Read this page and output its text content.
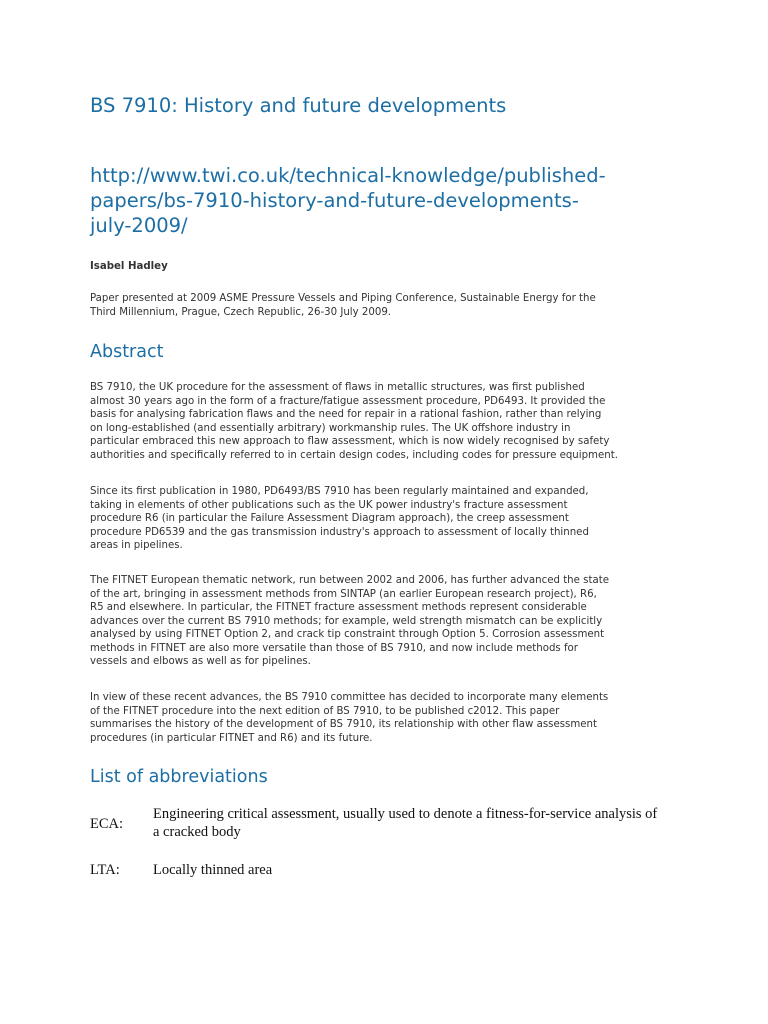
BS 7910: History and future developments
http://www.twi.co.uk/technical-knowledge/published-
papers/bs-7910-history-and-future-developments-
july-2009/

Isabel Hadley

Paper presented at 2009 ASME Pressure Vessels and Piping Conference, Sustainable Energy for the
Third Millennium, Prague, Czech Republic, 26-30 July 2009.

Abstract

BS 7910, the UK procedure for the assessment of flaws in metallic structures, was first published
almost 30 years ago in the form of a fracture/fatigue assessment procedure, PD6493. It provided the
basis for analysing fabrication flaws and the need for repair in a rational fashion, rather than relying
on long-established (and essentially arbitrary) workmanship rules. The UK offshore industry in
particular embraced this new approach to flaw assessment, which is now widely recognised by safety
authorities and specifically referred to in certain design codes, including codes for pressure equipment.

Since its first publication in 1980, PD6493/BS 7910 has been regularly maintained and expanded,
taking in elements of other publications such as the UK power industry's fracture assessment
procedure R6 (in particular the Failure Assessment Diagram approach), the creep assessment
procedure PD6539 and the gas transmission industry's approach to assessment of locally thinned
areas in pipelines.

The FITNET European thematic network, run between 2002 and 2006, has further advanced the state
of the art, bringing in assessment methods from SINTAP (an earlier European research project), R6,
R5 and elsewhere. In particular, the FITNET fracture assessment methods represent considerable
advances over the current BS 7910 methods; for example, weld strength mismatch can be explicitly
analysed by using FITNET Option 2, and crack tip constraint through Option 5. Corrosion assessment
methods in FITNET are also more versatile than those of BS 7910, and now include methods for
vessels and elbows as well as for pipelines.

In view of these recent advances, the BS 7910 committee has decided to incorporate many elements
of the FITNET procedure into the next edition of BS 7910, to be published c2012. This paper
summarises the history of the development of BS 7910, its relationship with other flaw assessment
procedures (in particular FITNET and R6) and its future.

List of abbreviations
ECA:
Engineering critical assessment, usually used to denote a fitness-for-service analysis of
a cracked body
LTA: Locally thinned area
